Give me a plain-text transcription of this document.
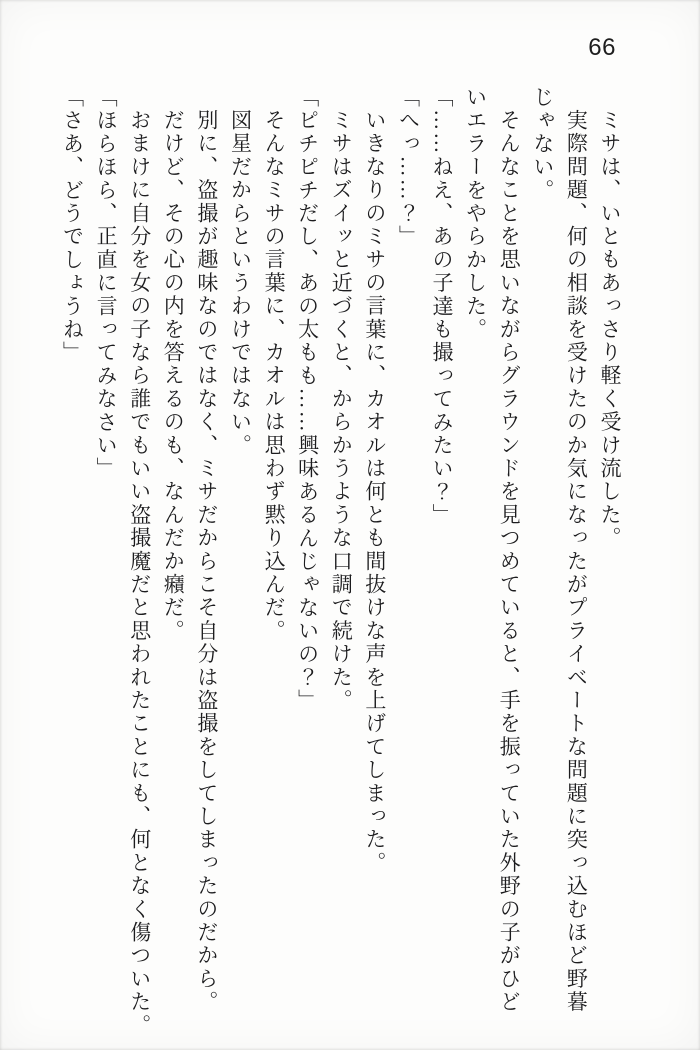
66
ミサは、いともあっさり軽く受け流した。
実際問題、何の相談を受けたのか気になったがプライベートな問題に突っ込むほど野暮
じゃない。
そんなことを思いながらグラウンドを見つめていると、手を振っていた外野の子がひど
いエラーをやらかした。
「……ねえ、あの子達も撮ってみたい？」
「へっ……？」
いきなりのミサの言葉に、カオルは何とも間抜けな声を上げてしまった。
ミサはズイッと近づくと、からかうような口調で続けた。
「ピチピチだし、あの太もも……興味あるんじゃないの？」
そんなミサの言葉に、カオルは思わず黙り込んだ。
図星だからというわけではない。
別に、盗撮が趣味なのではなく、ミサだからこそ自分は盗撮をしてしまったのだから。
だけど、その心の内を答えるのも、なんだか癪だ。
おまけに自分を女の子なら誰でもいい盗撮魔だと思われたことにも、何となく傷ついた。
「ほらほら、正直に言ってみなさい」
「さあ、どうでしょうね」
